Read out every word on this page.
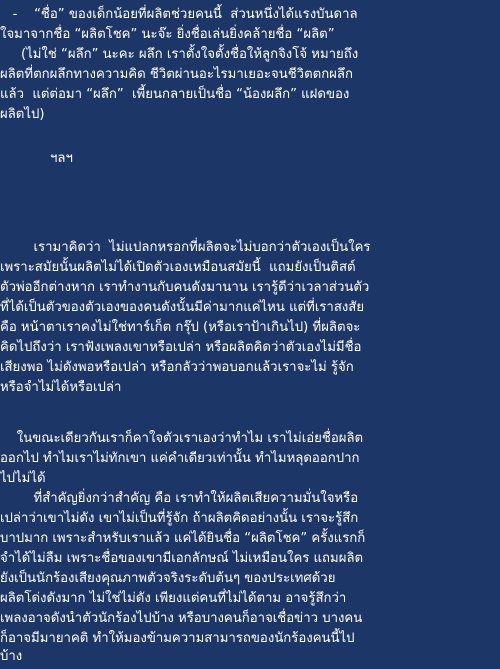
-    “ชื่อ” ของเด็กน้อยที่ผลิตช่วยคนนี้  ส่วนหนึ่งได้แรงบันดาล
ใจมาจากชื่อ “ผลิตโชค” นะจ๊ะ ยิ่งชื่อเล่นยิ่งคล้ายชื่อ “ผลิต”
(ไม่ใช่ “ผลึก” นะคะ ผลึก เราตั้งใจตั้งชื่อให้ลูกจิงโจ้ หมายถึง
ผลิตที่ตกผลึกทางความคิด ชีวิตผ่านอะไรมาเยอะจนชีวิตตกผลึก
แล้ว  แต่ต่อมา “ผลึก”  เพี้ยนกลายเป็นชื่อ “น้องผลึก” แฝดของ
ผลิตไป)
ฯลฯ
เรามาคิดว่า  ไม่แปลกหรอกที่ผลิตจะไม่บอกว่าตัวเองเป็นใคร
เพราะสมัยนั้นผลิตไม่ได้เปิดตัวเองเหมือนสมัยนี้  แถมยังเป็นติสต์
ตัวพ่ออีกต่างหาก เราทำงานกับคนดังมานาน เรารู้ดีว่าเวลาส่วนตัว
ที่ได้เป็นตัวของตัวเองของคนดังนั้นมีค่ามากแค่ไหน แต่ที่เราสงสัย
คือ หน้าตาเราคงไม่ใช่ทาร์เก็ต กรุ๊ป (หรือเราป้าเกินไป) ที่ผลิตจะ
คิดไปถึงว่า เราฟังเพลงเขาหรือเปล่า หรือผลิตคิดว่าตัวเองไม่มีชื่อ
เสียงพอ ไม่ดังพอหรือเปล่า หรือกลัวว่าพอบอกแล้วเราจะไม่ รู้จัก
หรือจำไม่ได้หรือเปล่า
ในขณะเดียวกันเราก็คาใจตัวเราเองว่าทำไม เราไม่เอ่ยชื่อผลิต
ออกไป ทำไมเราไม่ทักเขา แค่คำเดียวเท่านั้น ทำไมหลุดออกปาก
ไปไม่ได้
ที่สำคัญยิ่งกว่าสำคัญ คือ เราทำให้ผลิตเสียความมั่นใจหรือ
เปล่าว่าเขาไม่ดัง เขาไม่เป็นที่รู้จัก ถ้าผลิตคิดอย่างนั้น เราจะรู้สึก
บาปมาก เพราะสำหรับเราแล้ว แค่ได้ยินชื่อ “ผลิตโชค” ครั้งแรกก็
จำได้ไม่ลืม เพราะชื่อของเขามีเอกลักษณ์ ไม่เหมือนใคร แถมผลิต
ยังเป็นนักร้องเสียงคุณภาพตัวจริงระดับต้นๆ ของประเทศด้วย
ผลิตโด่งดังมาก ไม่ใช่ไม่ดัง เพียงแต่คนที่ไม่ได้ตาม อาจรู้สึกว่า
เพลงอาจดังนำตัวนักร้องไปบ้าง หรือบางคนก็อาจเชื่อข่าว บางคน
ก็อาจมีมายาคติ ทำให้มองข้ามความสามารถของนักร้องคนนี้ไป
บ้าง
